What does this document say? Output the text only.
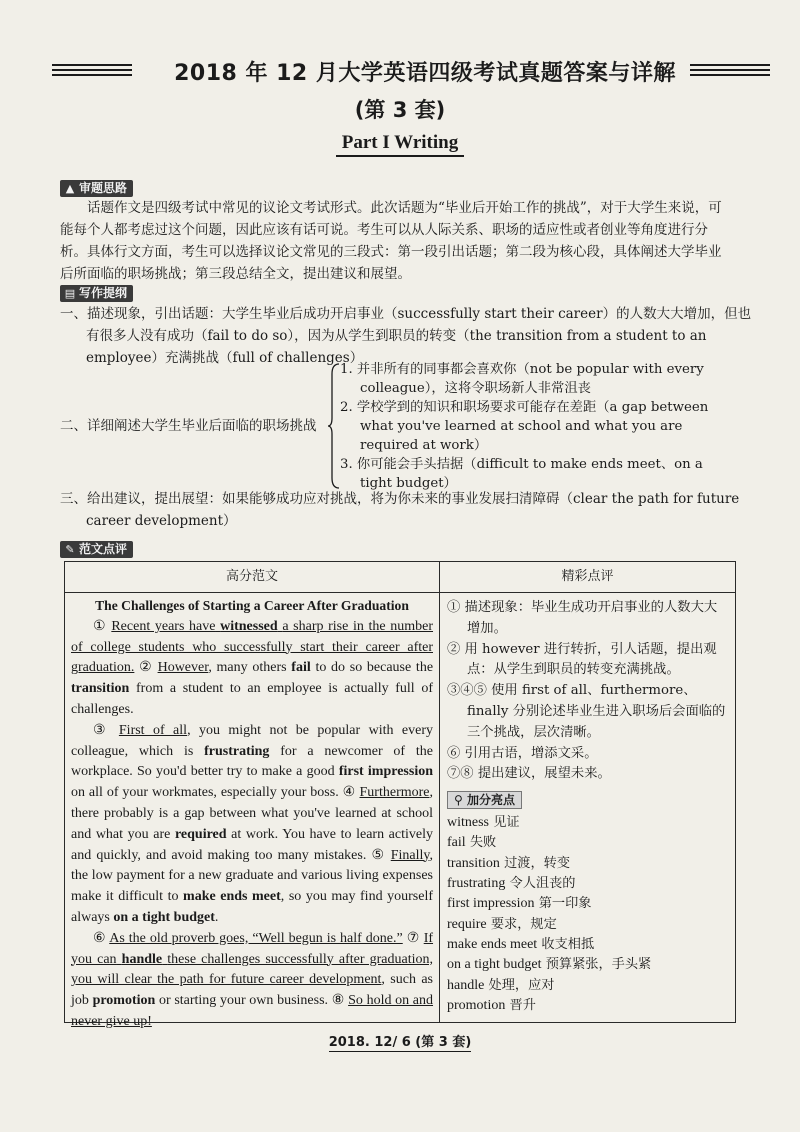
2018 年 12 月大学英语四级考试真题答案与详解
(第 3 套)
Part I Writing
▲ 审题思路
话题作文是四级考试中常见的议论文考试形式。此次话题为“毕业后开始工作的挑战”，对于大学生来说，可能每个人都考虑过这个问题，因此应该有话可说。考生可以从人际关系、职场的适应性或者创业等角度进行分析。具体行文方面，考生可以选择议论文常见的三段式：第一段引出话题；第二段为核心段，具体阐述大学毕业后所面临的职场挑战；第三段总结全文，提出建议和展望。
▤ 写作提纲
一、描述现象，引出话题：大学生毕业后成功开启事业（successfully start their career）的人数大大增加，但也有很多人没有成功（fail to do so），因为从学生到职员的转变（the transition from a student to an employee）充满挑战（full of challenges）
二、详细阐述大学生毕业后面临的职场挑战
1. 并非所有的同事都会喜欢你（not be popular with every colleague），这将令职场新人非常沮丧
2. 学校学到的知识和职场要求可能存在差距（a gap between what you've learned at school and what you are required at work）
3. 你可能会手头拮据（difficult to make ends meet、on a tight budget）
三、给出建议，提出展望：如果能够成功应对挑战，将为你未来的事业发展扫清障碍（clear the path for future career development）
✎ 范文点评
高分范文	精彩点评
The Challenges of Starting a Career After Graduation
① Recent years have witnessed a sharp rise in the number of college students who successfully start their career after graduation. ② However, many others fail to do so because the transition from a student to an employee is actually full of challenges.
③ First of all, you might not be popular with every colleague, which is frustrating for a newcomer of the workplace. So you'd better try to make a good first impression on all of your workmates, especially your boss. ④ Furthermore, there probably is a gap between what you've learned at school and what you are required at work. You have to learn actively and quickly, and avoid making too many mistakes. ⑤ Finally, the low payment for a new graduate and various living expenses make it difficult to make ends meet, so you may find yourself always on a tight budget.
⑥ As the old proverb goes, “Well begun is half done.” ⑦ If you can handle these challenges successfully after graduation, you will clear the path for future career development, such as job promotion or starting your own business. ⑧ So hold on and never give up!
① 描述现象：毕业生成功开启事业的人数大大增加。
② 用 however 进行转折，引人话题，提出观点：从学生到职员的转变充满挑战。
③④⑤ 使用 first of all、furthermore、finally 分别论述毕业生进入职场后会面临的三个挑战，层次清晰。
⑥ 引用古语，增添文采。
⑦⑧ 提出建议，展望未来。
⚲ 加分亮点
witness 见证
fail 失败
transition 过渡，转变
frustrating 令人沮丧的
first impression 第一印象
require 要求，规定
make ends meet 收支相抵
on a tight budget 预算紧张，手头紧
handle 处理，应对
promotion 晋升
2018. 12/ 6 (第 3 套)
